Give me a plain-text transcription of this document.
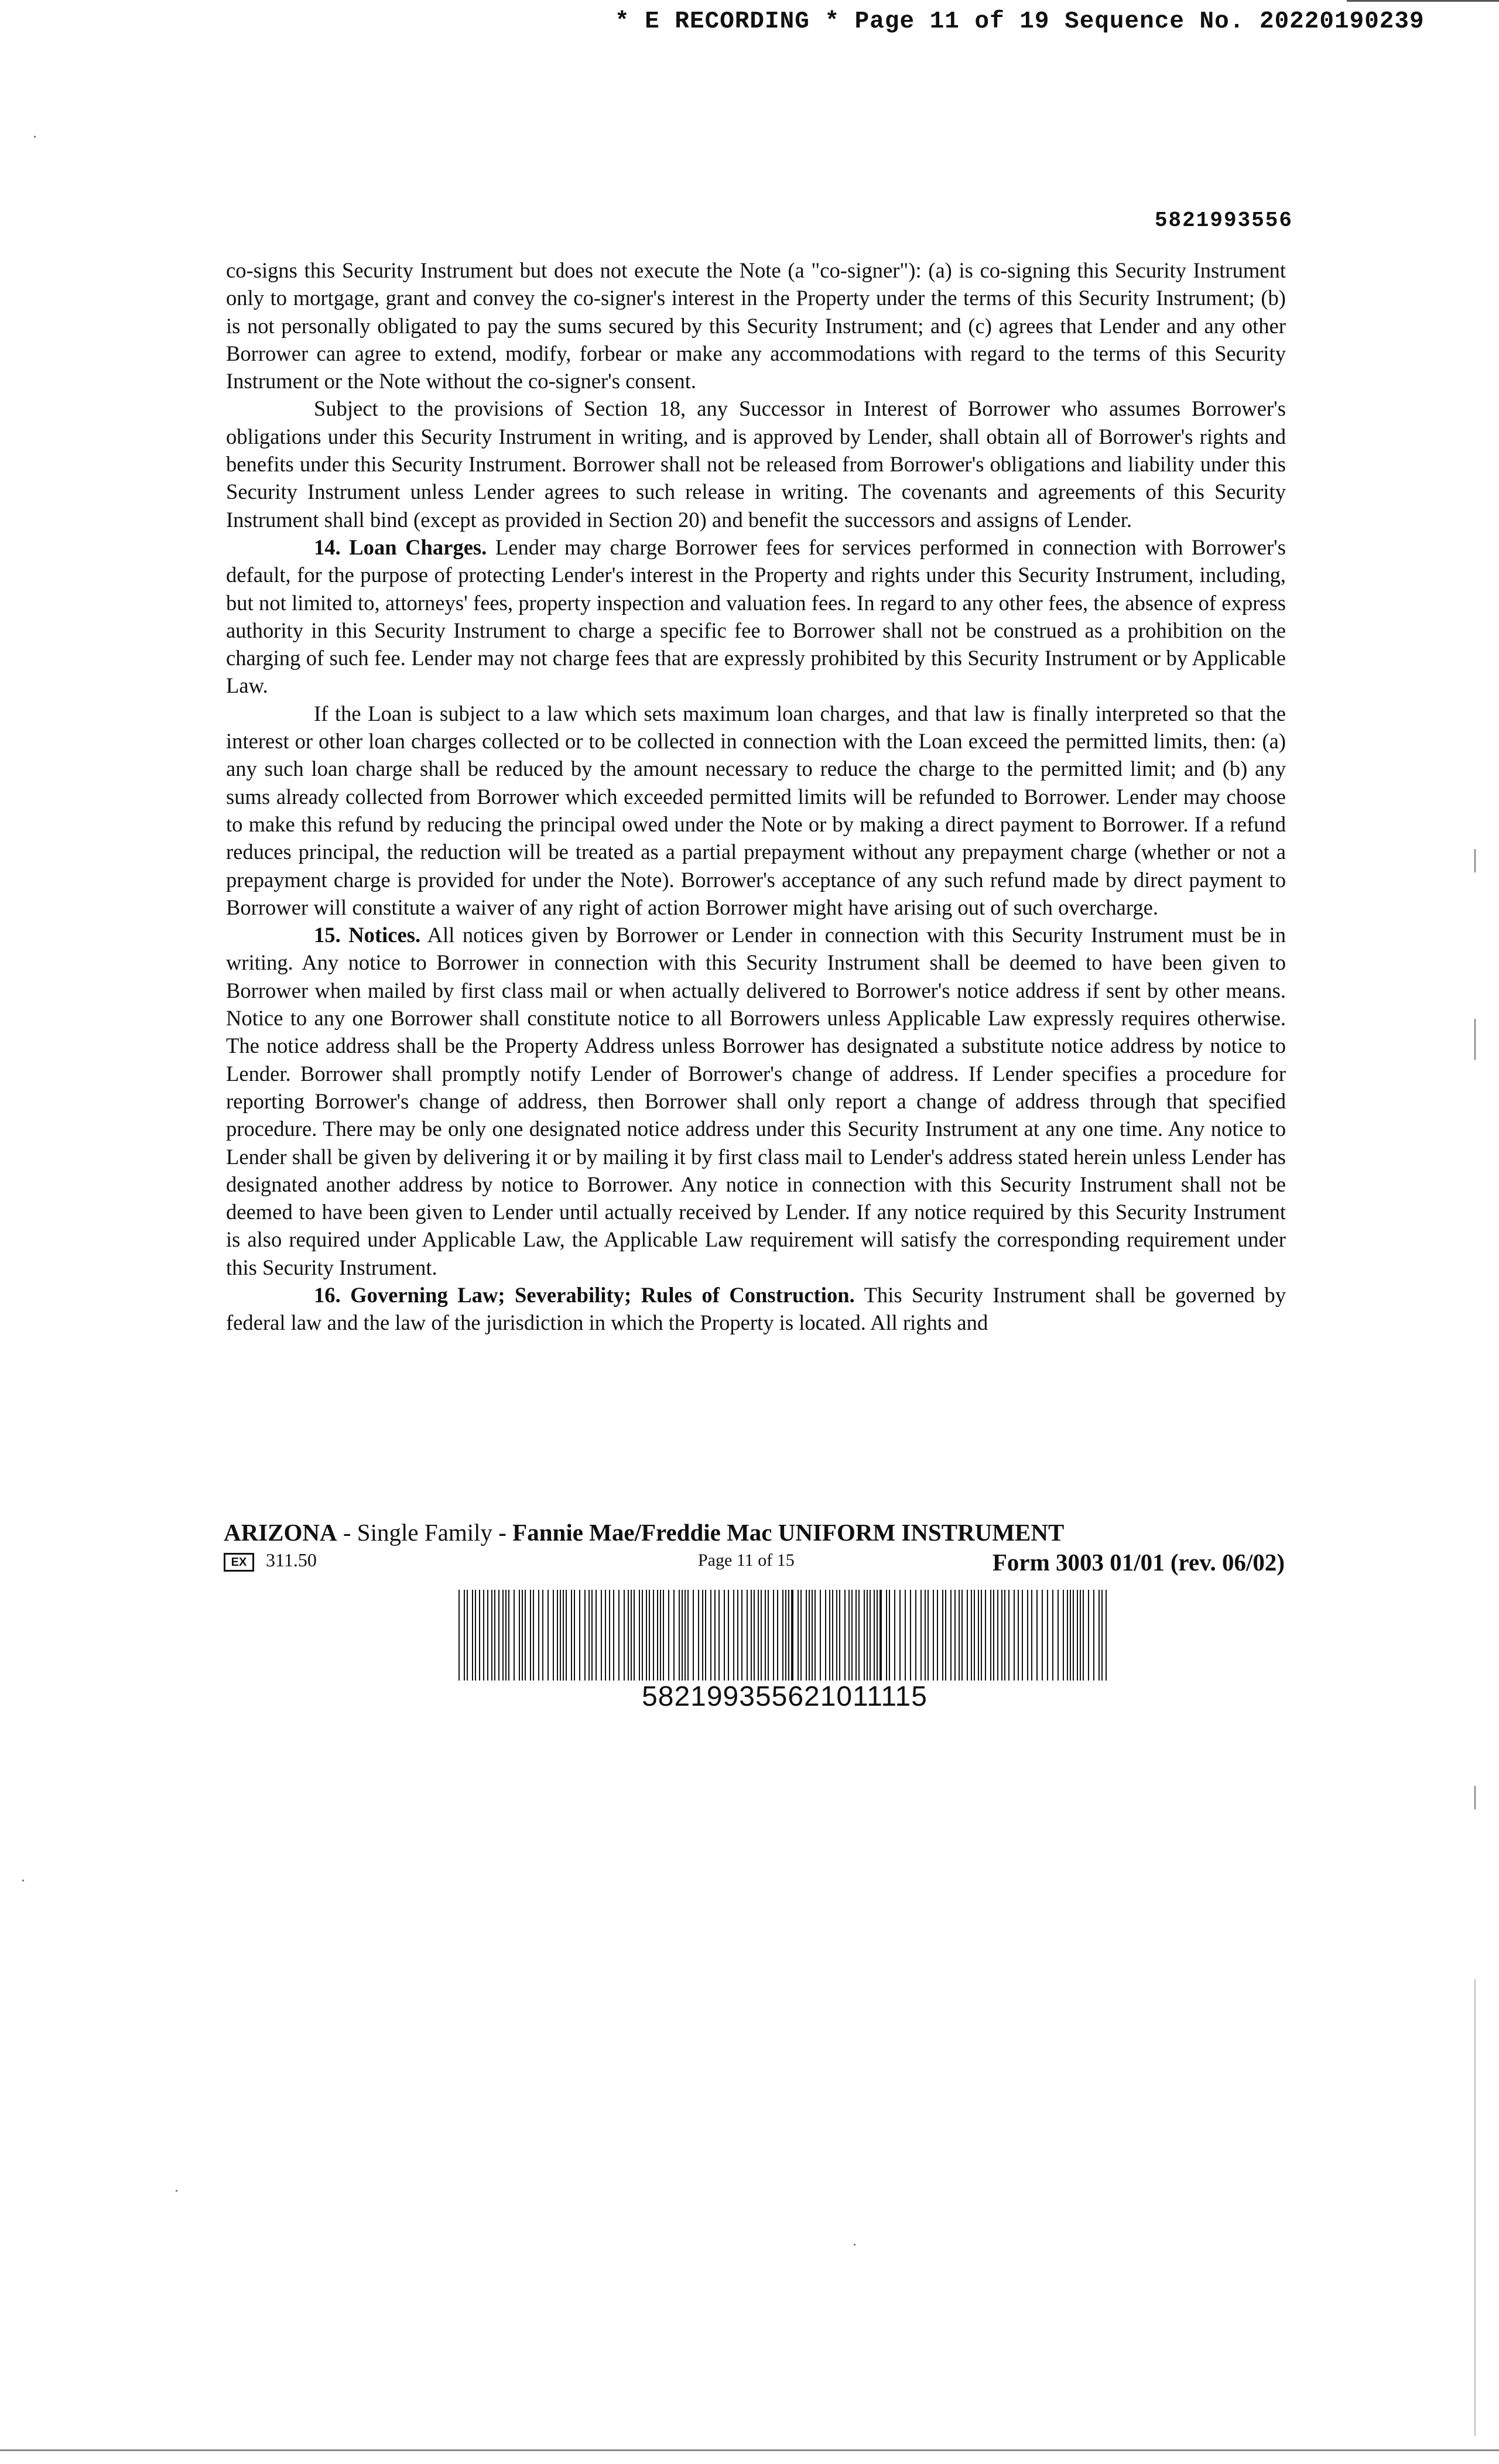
* E RECORDING * Page 11 of 19 Sequence No. 20220190239
5821993556

co-signs this Security Instrument but does not execute the Note (a "co-signer"): (a) is co-signing this Security Instrument only to mortgage, grant and convey the co-signer's interest in the Property under the terms of this Security Instrument; (b) is not personally obligated to pay the sums secured by this Security Instrument; and (c) agrees that Lender and any other Borrower can agree to extend, modify, forbear or make any accommodations with regard to the terms of this Security Instrument or the Note without the co-signer's consent.

Subject to the provisions of Section 18, any Successor in Interest of Borrower who assumes Borrower's obligations under this Security Instrument in writing, and is approved by Lender, shall obtain all of Borrower's rights and benefits under this Security Instrument. Borrower shall not be released from Borrower's obligations and liability under this Security Instrument unless Lender agrees to such release in writing. The covenants and agreements of this Security Instrument shall bind (except as provided in Section 20) and benefit the successors and assigns of Lender.

14. Loan Charges. Lender may charge Borrower fees for services performed in connection with Borrower's default, for the purpose of protecting Lender's interest in the Property and rights under this Security Instrument, including, but not limited to, attorneys' fees, property inspection and valuation fees. In regard to any other fees, the absence of express authority in this Security Instrument to charge a specific fee to Borrower shall not be construed as a prohibition on the charging of such fee. Lender may not charge fees that are expressly prohibited by this Security Instrument or by Applicable Law.

If the Loan is subject to a law which sets maximum loan charges, and that law is finally interpreted so that the interest or other loan charges collected or to be collected in connection with the Loan exceed the permitted limits, then: (a) any such loan charge shall be reduced by the amount necessary to reduce the charge to the permitted limit; and (b) any sums already collected from Borrower which exceeded permitted limits will be refunded to Borrower. Lender may choose to make this refund by reducing the principal owed under the Note or by making a direct payment to Borrower. If a refund reduces principal, the reduction will be treated as a partial prepayment without any prepayment charge (whether or not a prepayment charge is provided for under the Note). Borrower's acceptance of any such refund made by direct payment to Borrower will constitute a waiver of any right of action Borrower might have arising out of such overcharge.

15. Notices. All notices given by Borrower or Lender in connection with this Security Instrument must be in writing. Any notice to Borrower in connection with this Security Instrument shall be deemed to have been given to Borrower when mailed by first class mail or when actually delivered to Borrower's notice address if sent by other means. Notice to any one Borrower shall constitute notice to all Borrowers unless Applicable Law expressly requires otherwise. The notice address shall be the Property Address unless Borrower has designated a substitute notice address by notice to Lender. Borrower shall promptly notify Lender of Borrower's change of address. If Lender specifies a procedure for reporting Borrower's change of address, then Borrower shall only report a change of address through that specified procedure. There may be only one designated notice address under this Security Instrument at any one time. Any notice to Lender shall be given by delivering it or by mailing it by first class mail to Lender's address stated herein unless Lender has designated another address by notice to Borrower. Any notice in connection with this Security Instrument shall not be deemed to have been given to Lender until actually received by Lender. If any notice required by this Security Instrument is also required under Applicable Law, the Applicable Law requirement will satisfy the corresponding requirement under this Security Instrument.

16. Governing Law; Severability; Rules of Construction. This Security Instrument shall be governed by federal law and the law of the jurisdiction in which the Property is located. All rights and

ARIZONA - Single Family - Fannie Mae/Freddie Mac UNIFORM INSTRUMENT
EX	311.50	Page 11 of 15	Form 3003 01/01 (rev. 06/02)
582199355621011115
